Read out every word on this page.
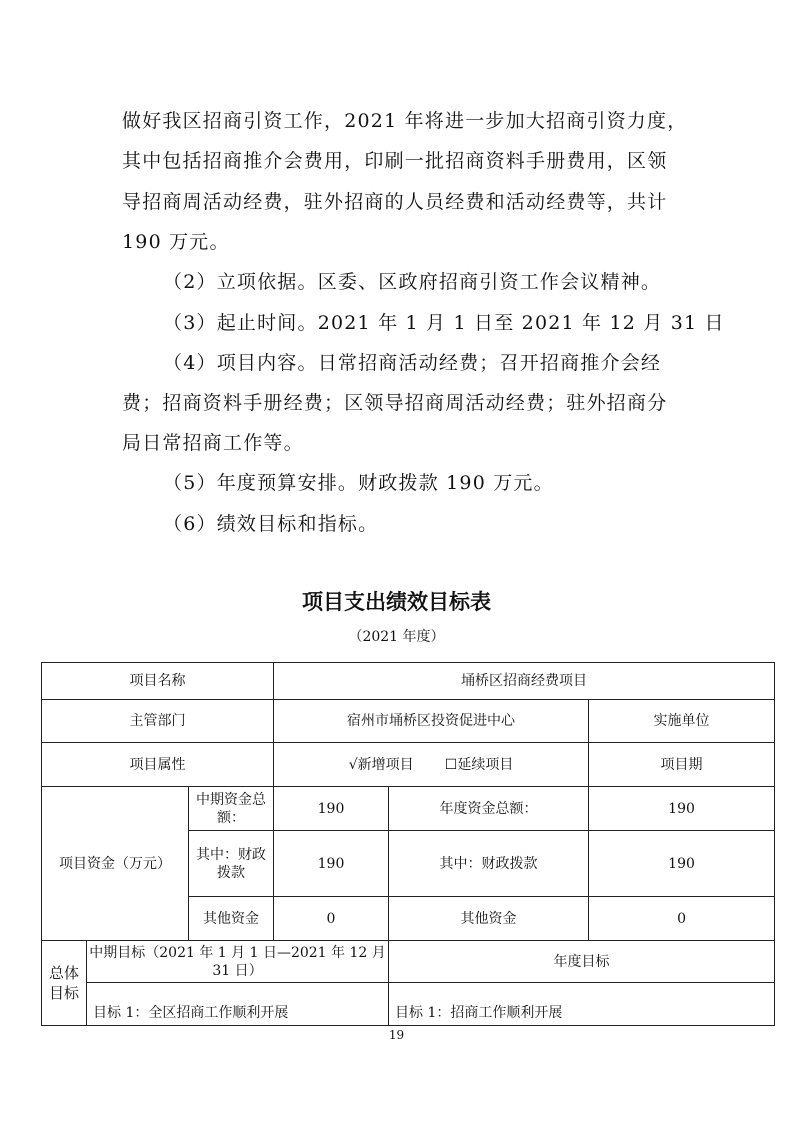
做好我区招商引资工作，2021 年将进一步加大招商引资力度，

其中包括招商推介会费用，印刷一批招商资料手册费用，区领

导招商周活动经费，驻外招商的人员经费和活动经费等，共计

190 万元。

（2）立项依据。区委、区政府招商引资工作会议精神。

（3）起止时间。2021 年 1 月 1 日至 2021 年 12 月 31 日

（4）项目内容。日常招商活动经费；召开招商推介会经

费；招商资料手册经费；区领导招商周活动经费；驻外招商分

局日常招商工作等。

（5）年度预算安排。财政拨款 190 万元。

（6）绩效目标和指标。

项目支出绩效目标表
（2021 年度）
项目名称			埇桥区招商经费项目		
主管部门			宿州市埇桥区投资促进中心		实施单位
项目属性			√新增项目 ☐延续项目		项目期
项目资金（万元）		中期资金总额：	190	年度资金总额：	190
		其中：财政拨款	190	其中：财政拨款	190
		其他资金	0	其他资金	0
总体目标	中期目标（2021 年 1 月 1 日—2021 年 12 月 31 日）			年度目标	
	目标 1：全区招商工作顺利开展			目标 1：招商工作顺利开展	
19
